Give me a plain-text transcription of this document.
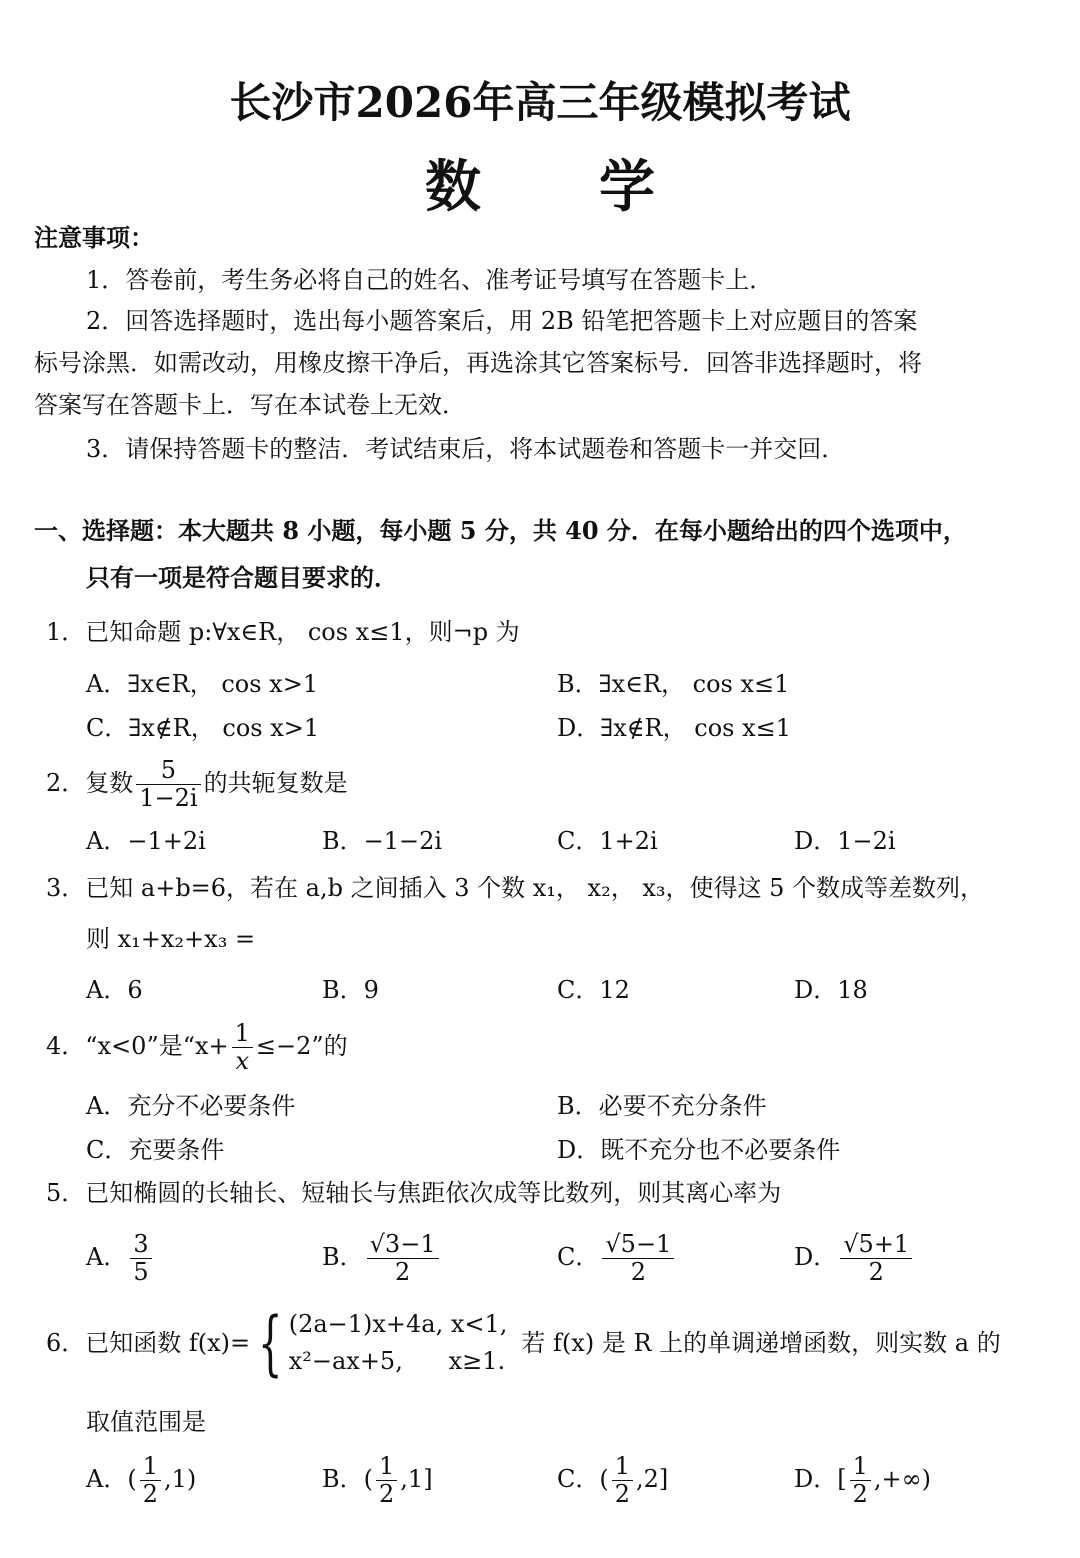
长沙市2026年高三年级模拟考试
数学
注意事项：
1．答卷前，考生务必将自己的姓名、准考证号填写在答题卡上．
2．回答选择题时，选出每小题答案后，用 2B 铅笔把答题卡上对应题目的答案
标号涂黑．如需改动，用橡皮擦干净后，再选涂其它答案标号．回答非选择题时，将
答案写在答题卡上．写在本试卷上无效．
3．请保持答题卡的整洁．考试结束后，将本试题卷和答题卡一并交回．
一、选择题：本大题共 8 小题，每小题 5 分，共 40 分．在每小题给出的四个选项中，
只有一项是符合题目要求的．
1．已知命题 p:∀x∈R， cos x≤1，则¬p 为
A．∃x∈R， cos x>1	B．∃x∈R， cos x≤1
C．∃x∉R， cos x>1	D．∃x∉R， cos x≤1
2．复数 $\frac{5}{1-2i}$ 的共轭复数是
A．−1+2i	B．−1−2i	C．1+2i	D．1−2i
3．已知 a+b=6，若在 a,b 之间插入 3 个数 x₁， x₂， x₃，使得这 5 个数成等差数列，
则 x₁+x₂+x₃ =
A．6	B．9	C．12	D．18
4．“x<0”是“$x+ \frac{1}{x} \le-2$”的
A．充分不必要条件	B．必要不充分条件
C．充要条件	D．既不充分也不必要条件
5．已知椭圆的长轴长、短轴长与焦距依次成等比数列，则其离心率为
A． $\frac{3}{5}$	B． $\frac{√3-1}{2}$	C． $\frac{√5-1}{2}$	D． $\frac{√5+1}{2}$
6．已知函数 f(x)= { (2a−1)x+4a, x<1,
x²−ax+5,      x≥1.
若 f(x) 是 R 上的单调递增函数，则实数 a 的
取值范围是
A．( $\frac{1}{2} ,1$)	B．( $\frac{1}{2} ,1$]	C．( $\frac{1}{2} ,2$]	D．[ $\frac{1}{2}$ ,+∞)
